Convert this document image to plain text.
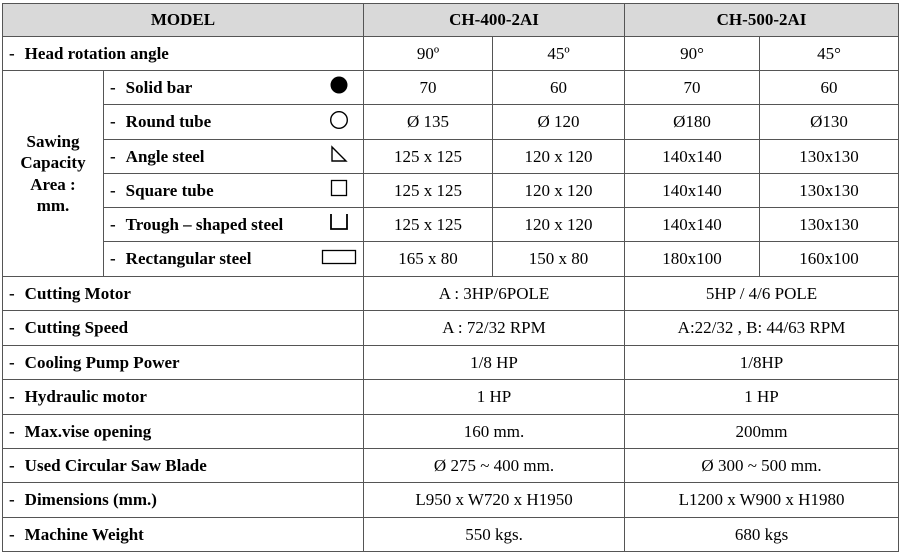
MODEL		CH-400-2AI		CH-500-2AI	
- Head rotation angle		90º	45º	90°	45°

Sawing
Capacity
Area :
mm.	- Solid bar	70	60	70	60

	- Round tube	Ø 135	Ø 120	Ø180	Ø130

	- Angle steel	125 x 125	120 x 120	140x140	130x130

	- Square tube	125 x 125	120 x 120	140x140	130x130

	- Trough – shaped steel	125 x 125	120 x 120	140x140	130x130

	- Rectangular steel	165 x 80	150 x 80	180x100	160x100
- Cutting Motor		A : 3HP/6POLE		5HP / 4/6 POLE	
- Cutting Speed		A : 72/32 RPM		A:22/32 , B: 44/63 RPM	
- Cooling Pump Power		1/8 HP		1/8HP	
- Hydraulic motor		1 HP		1 HP	
- Max.vise opening		160 mm.		200mm	
- Used Circular Saw Blade		Ø 275 ~ 400 mm.		Ø 300 ~ 500 mm.	
- Dimensions (mm.)		L950 x W720 x H1950		L1200 x W900 x H1980	
- Machine Weight		550 kgs.		680 kgs	
